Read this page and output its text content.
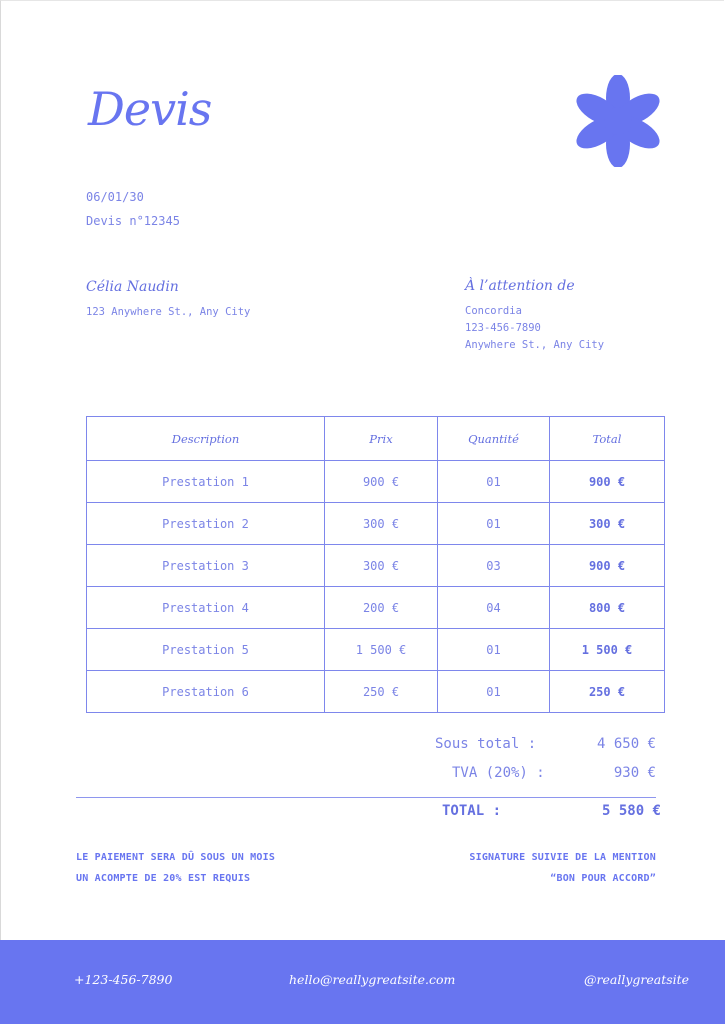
Devis
06/01/30
Devis n°12345
Célia Naudin
123 Anywhere St., Any City
À l’attention de
Concordia
123-456-7890
Anywhere St., Any City
Description	Prix	Quantité	Total
Prestation 1	900 €	01	900 €
Prestation 2	300 €	01	300 €
Prestation 3	300 €	03	900 €
Prestation 4	200 €	04	800 €
Prestation 5	1 500 €	01	1 500 €
Prestation 6	250 €	01	250 €
Sous total :	4 650 €
TVA (20%) :	930 €
TOTAL :	5 580 €
LE PAIEMENT SERA DÛ SOUS UN MOIS
UN ACOMPTE DE 20% EST REQUIS
SIGNATURE SUIVIE DE LA MENTION
“BON POUR ACCORD”
+123-456-7890	hello@reallygreatsite.com	@reallygreatsite
